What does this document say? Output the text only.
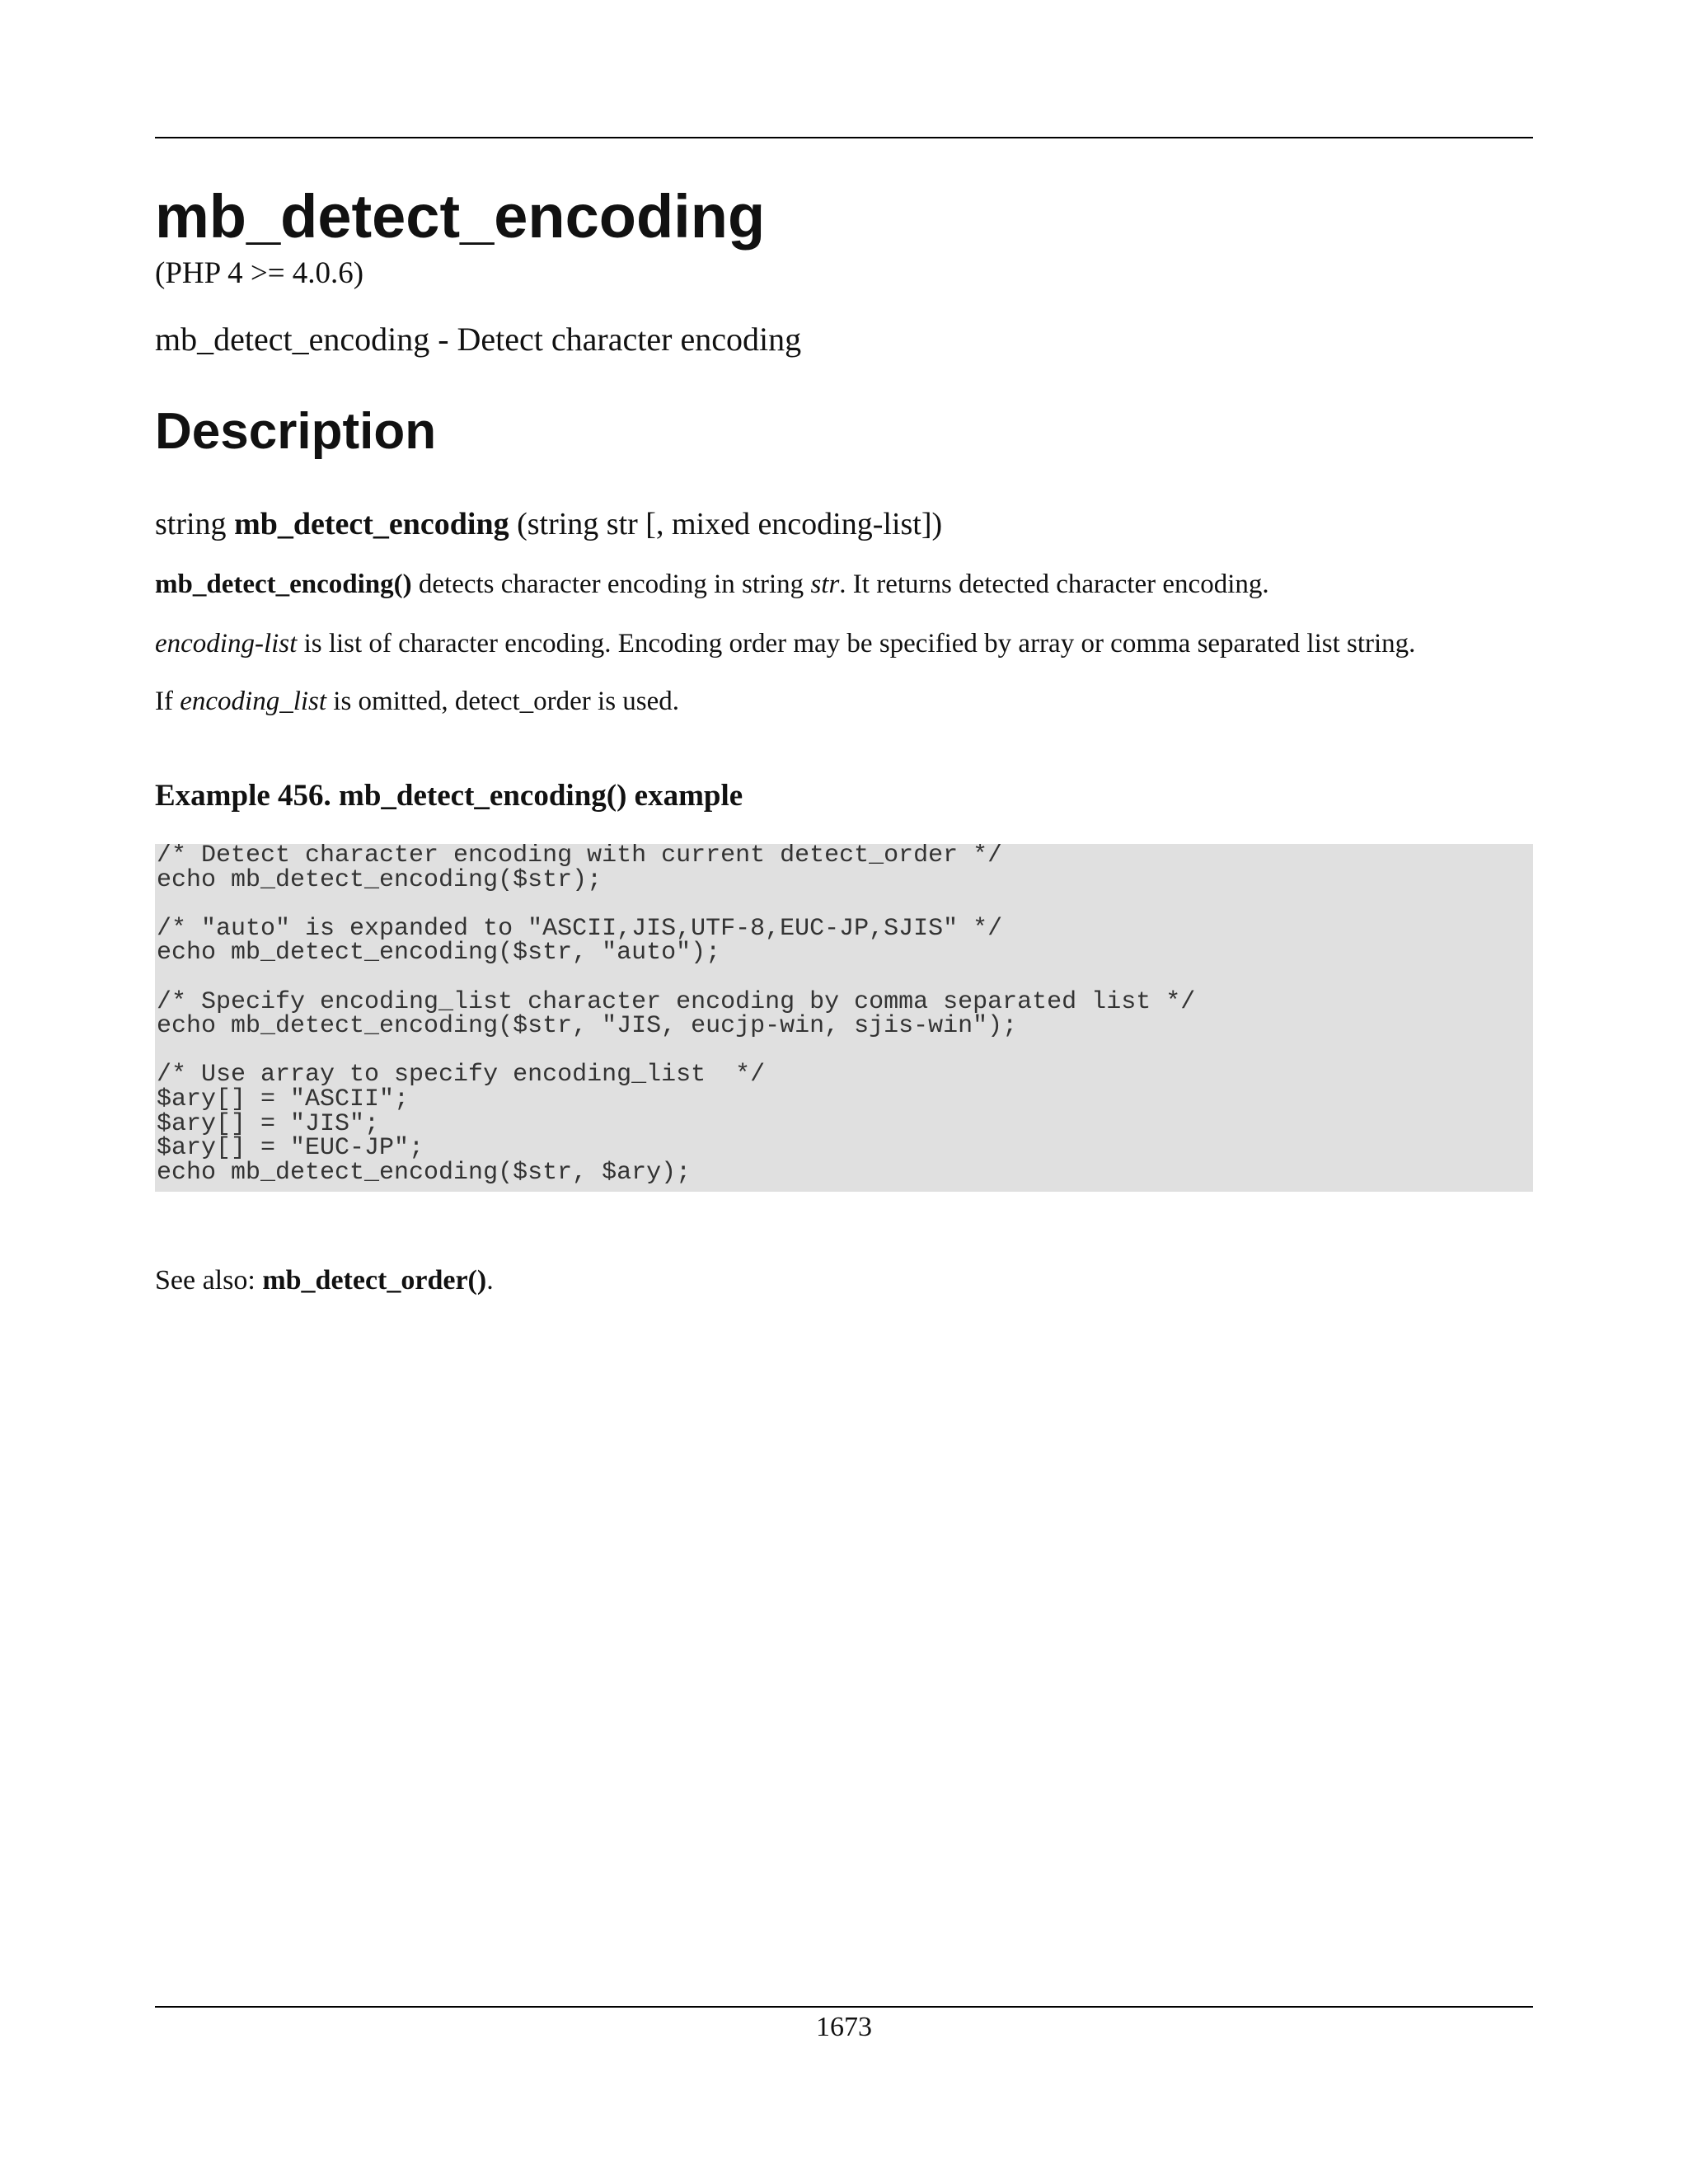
mb_detect_encoding
(PHP 4 >= 4.0.6)
mb_detect_encoding - Detect character encoding
Description
string mb_detect_encoding (string str [, mixed encoding-list])
mb_detect_encoding() detects character encoding in string str. It returns detected character encoding.
encoding-list is list of character encoding. Encoding order may be specified by array or comma separated list string.
If encoding_list is omitted, detect_order is used.
Example 456. mb_detect_encoding() example
/* Detect character encoding with current detect_order */
echo mb_detect_encoding($str);
/* "auto" is expanded to "ASCII,JIS,UTF-8,EUC-JP,SJIS" */
echo mb_detect_encoding($str, "auto");
/* Specify encoding_list character encoding by comma separated list */
echo mb_detect_encoding($str, "JIS, eucjp-win, sjis-win");
/* Use array to specify encoding_list  */
$ary[] = "ASCII";
$ary[] = "JIS";
$ary[] = "EUC-JP";
echo mb_detect_encoding($str, $ary);
See also: mb_detect_order().
1673
